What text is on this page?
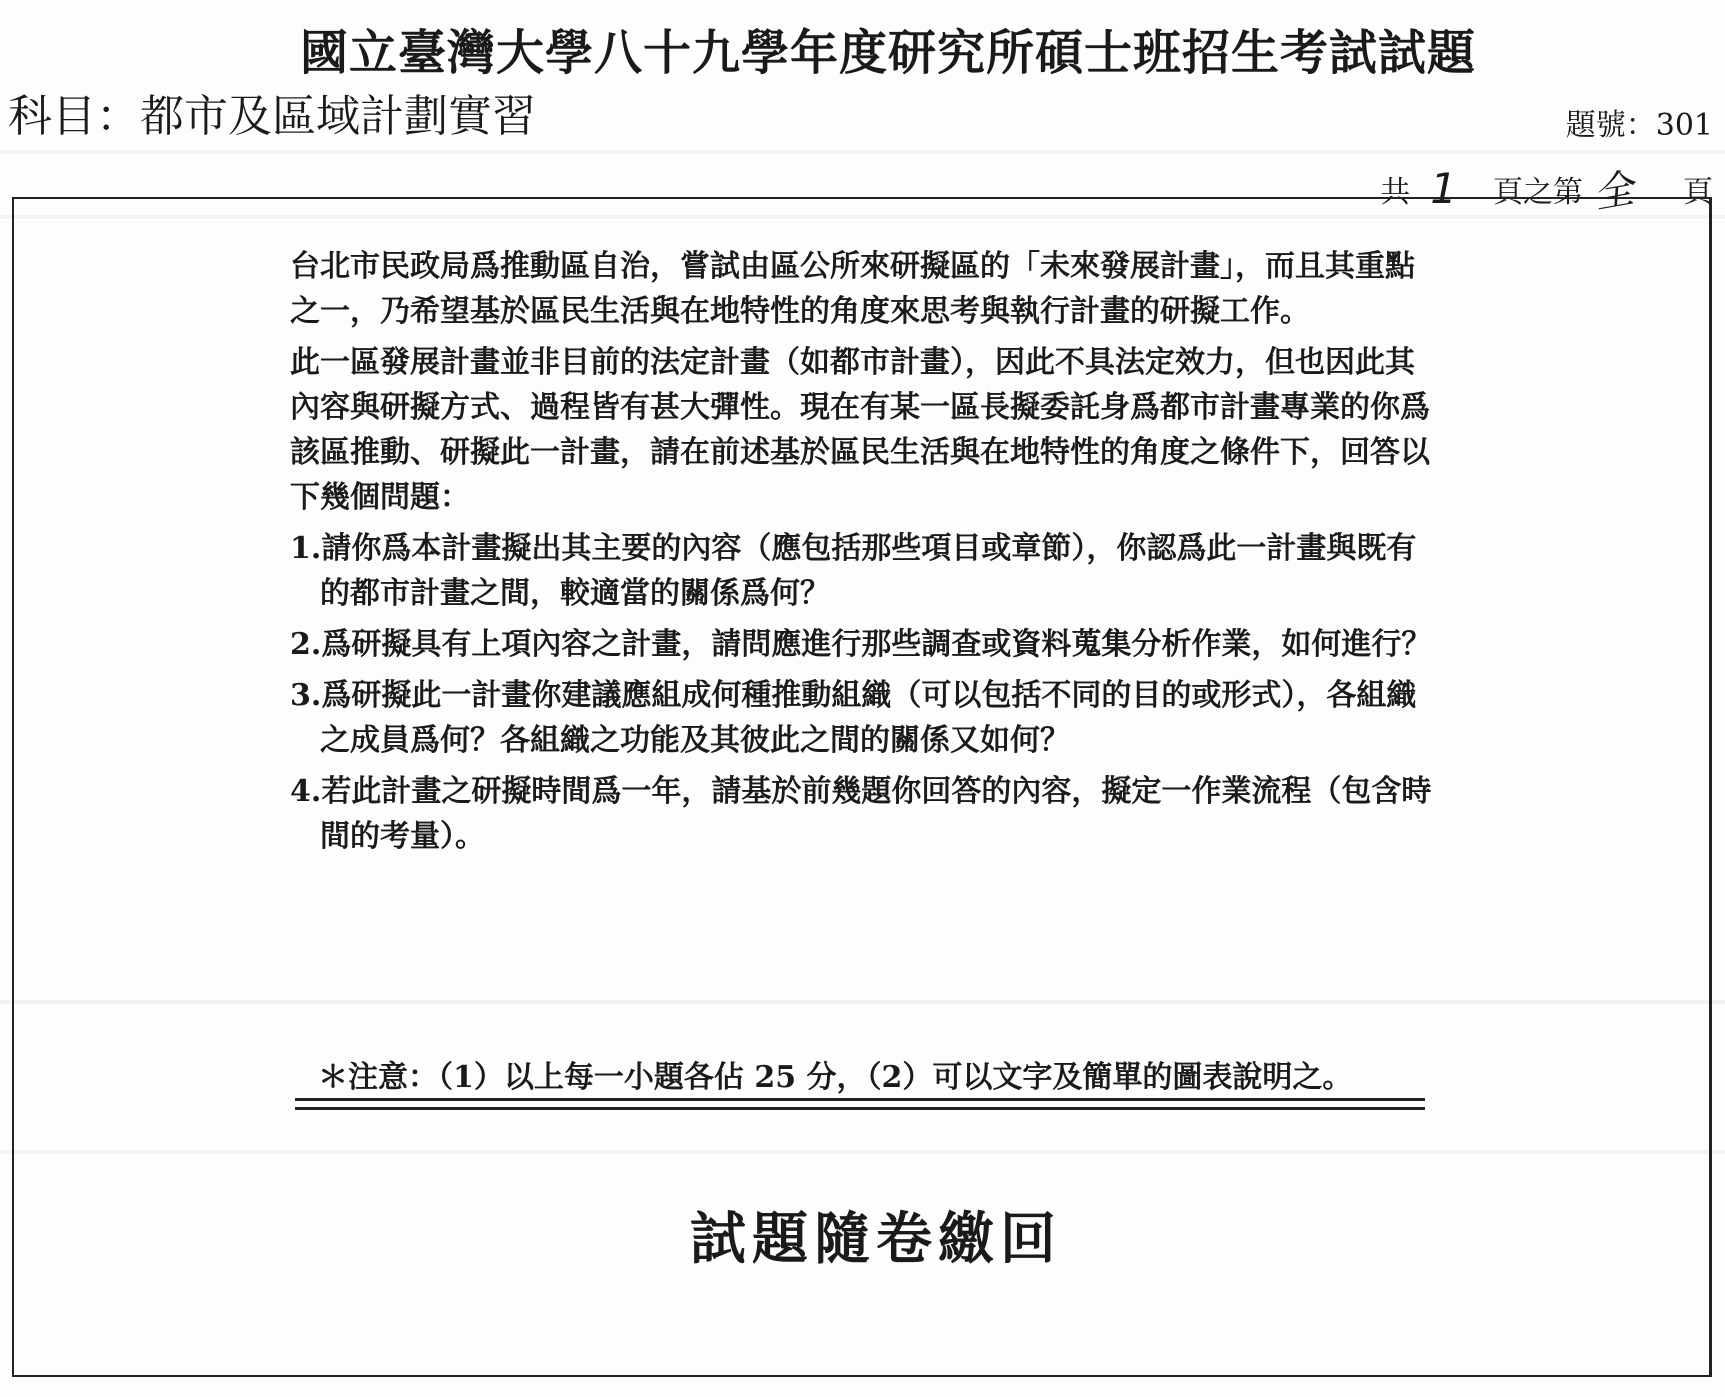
國立臺灣大學八十九學年度研究所碩士班招生考試試題
科目：都市及區域計劃實習	題號：301
共 1 頁之第 全 頁

台北市民政局爲推動區自治，嘗試由區公所來研擬區的「未來發展計畫」，而且其重點之一，乃希望基於區民生活與在地特性的角度來思考與執行計畫的研擬工作。

此一區發展計畫並非目前的法定計畫（如都市計畫），因此不具法定效力，但也因此其內容與研擬方式、過程皆有甚大彈性。現在有某一區長擬委託身爲都市計畫專業的你爲該區推動、研擬此一計畫，請在前述基於區民生活與在地特性的角度之條件下，回答以下幾個問題：

1.請你爲本計畫擬出其主要的內容（應包括那些項目或章節），你認爲此一計畫與既有的都市計畫之間，較適當的關係爲何？

2.爲研擬具有上項內容之計畫，請問應進行那些調查或資料蒐集分析作業，如何進行？

3.爲研擬此一計畫你建議應組成何種推動組織（可以包括不同的目的或形式），各組織之成員爲何？各組織之功能及其彼此之間的關係又如何？

4.若此計畫之研擬時間爲一年，請基於前幾題你回答的內容，擬定一作業流程（包含時間的考量）。

＊注意：（1）以上每一小題各佔 25 分，（2）可以文字及簡單的圖表說明之。
試題隨卷繳回
